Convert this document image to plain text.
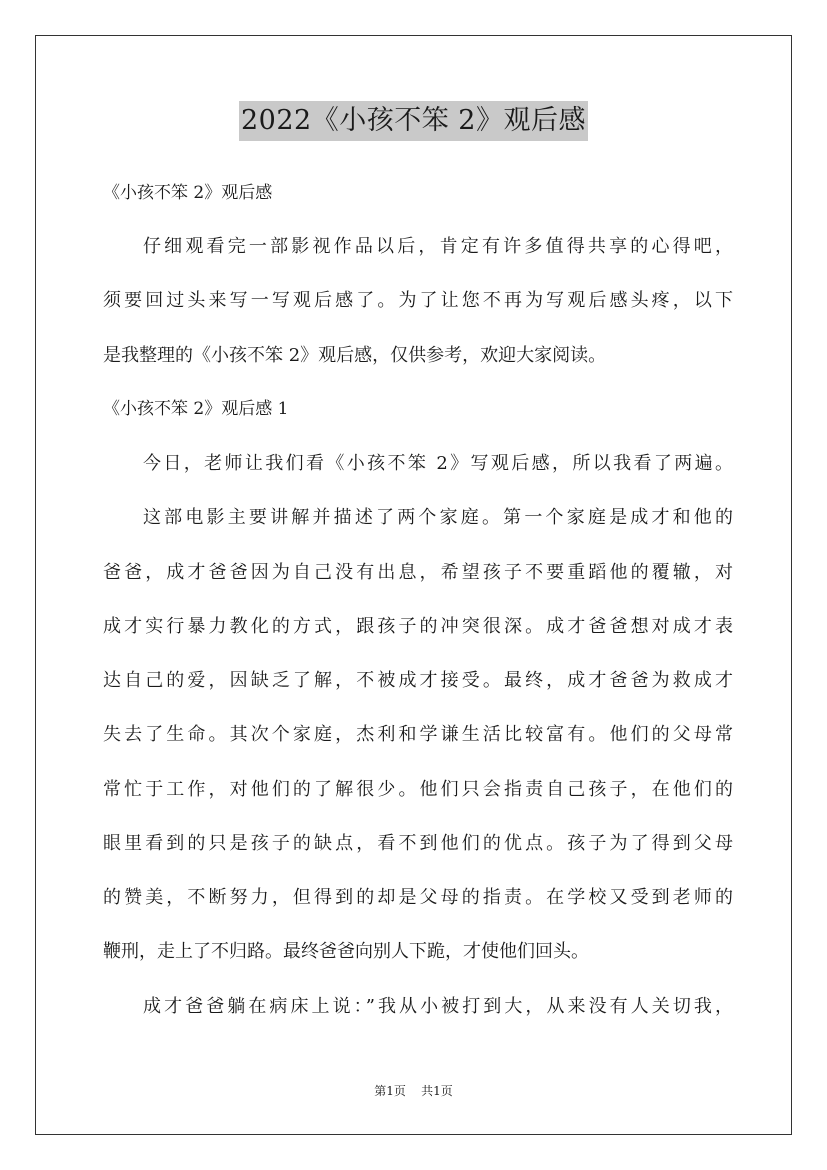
2022《小孩不笨 2》观后感
《小孩不笨 2》观后感
仔细观看完一部影视作品以后，肯定有许多值得共享的心得吧，
须要回过头来写一写观后感了。为了让您不再为写观后感头疼，以下
是我整理的《小孩不笨 2》观后感，仅供参考，欢迎大家阅读。
《小孩不笨 2》观后感 1
今日，老师让我们看《小孩不笨 2》写观后感，所以我看了两遍。
这部电影主要讲解并描述了两个家庭。第一个家庭是成才和他的
爸爸，成才爸爸因为自己没有出息，希望孩子不要重蹈他的覆辙，对
成才实行暴力教化的方式，跟孩子的冲突很深。成才爸爸想对成才表
达自己的爱，因缺乏了解，不被成才接受。最终，成才爸爸为救成才
失去了生命。其次个家庭，杰利和学谦生活比较富有。他们的父母常
常忙于工作，对他们的了解很少。他们只会指责自己孩子，在他们的
眼里看到的只是孩子的缺点，看不到他们的优点。孩子为了得到父母
的赞美，不断努力，但得到的却是父母的指责。在学校又受到老师的
鞭刑，走上了不归路。最终爸爸向别人下跪，才使他们回头。
成才爸爸躺在病床上说：”我从小被打到大，从来没有人关切我，
第1页 共1页
